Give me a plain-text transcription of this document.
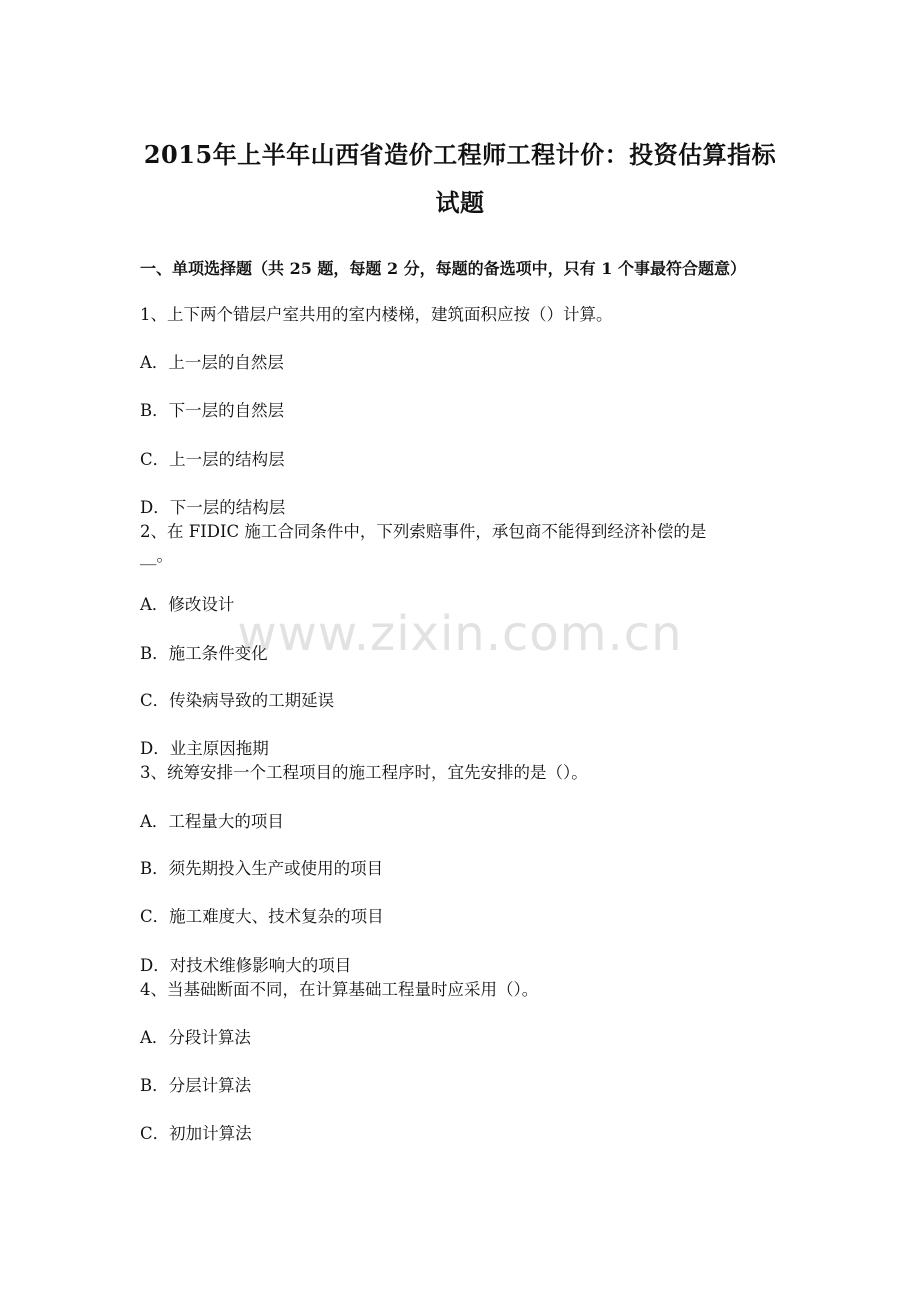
2015年上半年山西省造价工程师工程计价：投资估算指标
试题
一、单项选择题（共 25 题，每题 2 分，每题的备选项中，只有 1 个事最符合题意）
1、上下两个错层户室共用的室内楼梯，建筑面积应按（）计算。
A．上一层的自然层
B．下一层的自然层
C．上一层的结构层
D．下一层的结构层
2、在 FIDIC 施工合同条件中，下列索赔事件，承包商不能得到经济补偿的是
__。
A．修改设计
B．施工条件变化
C．传染病导致的工期延误
D．业主原因拖期
3、统筹安排一个工程项目的施工程序时，宜先安排的是（）。
A．工程量大的项目
B．须先期投入生产或使用的项目
C．施工难度大、技术复杂的项目
D．对技术维修影响大的项目
4、当基础断面不同，在计算基础工程量时应采用（）。
A．分段计算法
B．分层计算法
C．初加计算法
www.zixin.com.cn
